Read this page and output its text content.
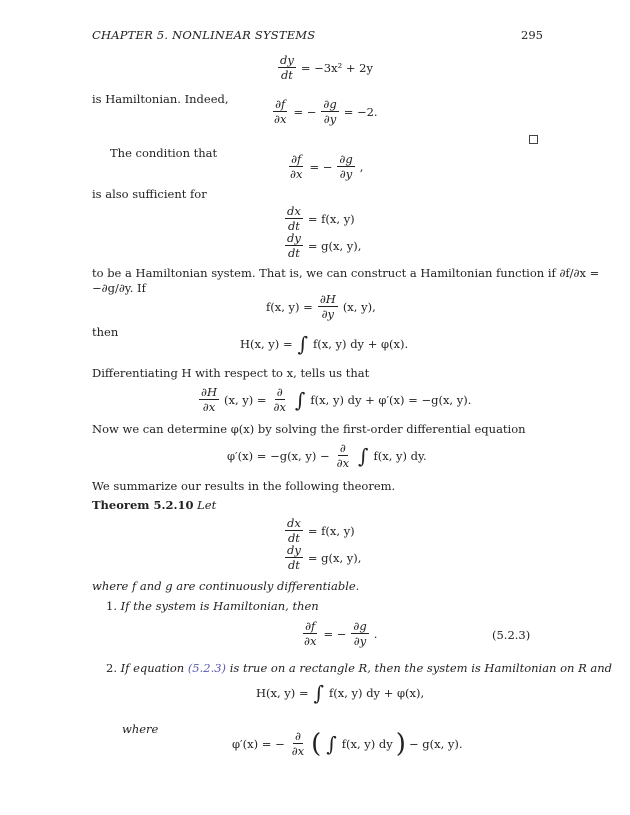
CHAPTER 5. NONLINEAR SYSTEMS	295
$\frac{dy}{dt} = -3x^2 + 2y$
is Hamiltonian. Indeed,	$\frac{\partial f}{\partial x}$ = − $\frac{\partial g}{\partial y} = -2$.
The condition that	$\frac{\partial f}{\partial x}$ = − $\frac{\partial g}{\partial y}$ ,
is also sufficient for
$\frac{dx}{dt} = f(x$, y)
$\frac{dy}{dt} = g(x$, y),
to be a Hamiltonian system. That is, we can construct a Hamiltonian function if ∂f/∂x =
−∂g/∂y. If
f(x, $y) = \frac{\partial H}{\partial y} (x$, y),
then
H(x, y) = ∫ f(x, y) dy + φ(x).
Differentiating H with respect to x, tells us that
$\frac{\partial H}{\partial x} (x$, $y) = \frac{\partial}{\partial x}$ ∫ f(x, y) dy + φ′(x) = −g(x, y).
Now we can determine φ(x) by solving the first-order differential equation
φ′(x) = −g(x, $y) - \frac{\partial}{\partial x}$ ∫ f(x, y) dy.
We summarize our results in the following theorem.
Theorem 5.2.10 Let
$\frac{dx}{dt} = f(x$, y)
$\frac{dy}{dt} = g(x$, y),
where f and g are continuously differentiable.
1. If the system is Hamiltonian, then
$\frac{\partial f}{\partial x}$ = − $\frac{\partial g}{\partial y}$ .	(5.2.3)
2. If equation (5.2.3) is true on a rectangle R, then the system is Hamiltonian on R and
H(x, y) = ∫ f(x, y) dy + φ(x),
where
φ′(x) = − $\frac{\partial}{\partial x}$ ( ∫ f(x, y) dy ) − g(x, y).
